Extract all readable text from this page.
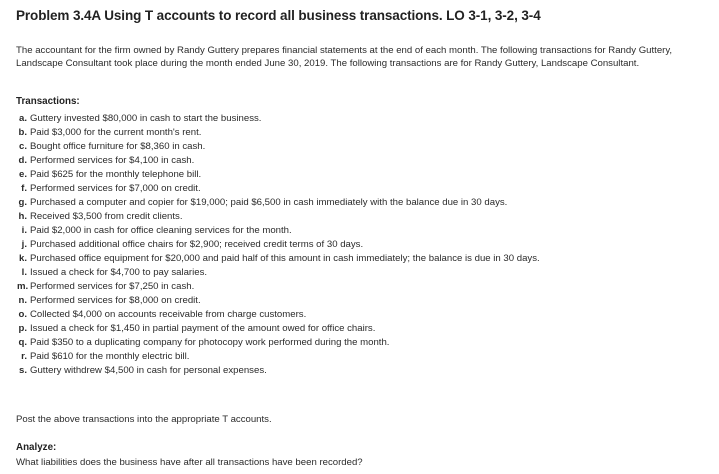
Problem 3.4A Using T accounts to record all business transactions. LO 3-1, 3-2, 3-4
The accountant for the firm owned by Randy Guttery prepares financial statements at the end of each month. The following transactions for Randy Guttery, Landscape Consultant took place during the month ended June 30, 2019. The following transactions are for Randy Guttery, Landscape Consultant.
Transactions:
a. Guttery invested $80,000 in cash to start the business.
b. Paid $3,000 for the current month's rent.
c. Bought office furniture for $8,360 in cash.
d. Performed services for $4,100 in cash.
e. Paid $625 for the monthly telephone bill.
f. Performed services for $7,000 on credit.
g. Purchased a computer and copier for $19,000; paid $6,500 in cash immediately with the balance due in 30 days.
h. Received $3,500 from credit clients.
i. Paid $2,000 in cash for office cleaning services for the month.
j. Purchased additional office chairs for $2,900; received credit terms of 30 days.
k. Purchased office equipment for $20,000 and paid half of this amount in cash immediately; the balance is due in 30 days.
l. Issued a check for $4,700 to pay salaries.
m. Performed services for $7,250 in cash.
n. Performed services for $8,000 on credit.
o. Collected $4,000 on accounts receivable from charge customers.
p. Issued a check for $1,450 in partial payment of the amount owed for office chairs.
q. Paid $350 to a duplicating company for photocopy work performed during the month.
r. Paid $610 for the monthly electric bill.
s. Guttery withdrew $4,500 in cash for personal expenses.
Post the above transactions into the appropriate T accounts.
Analyze:
What liabilities does the business have after all transactions have been recorded?
